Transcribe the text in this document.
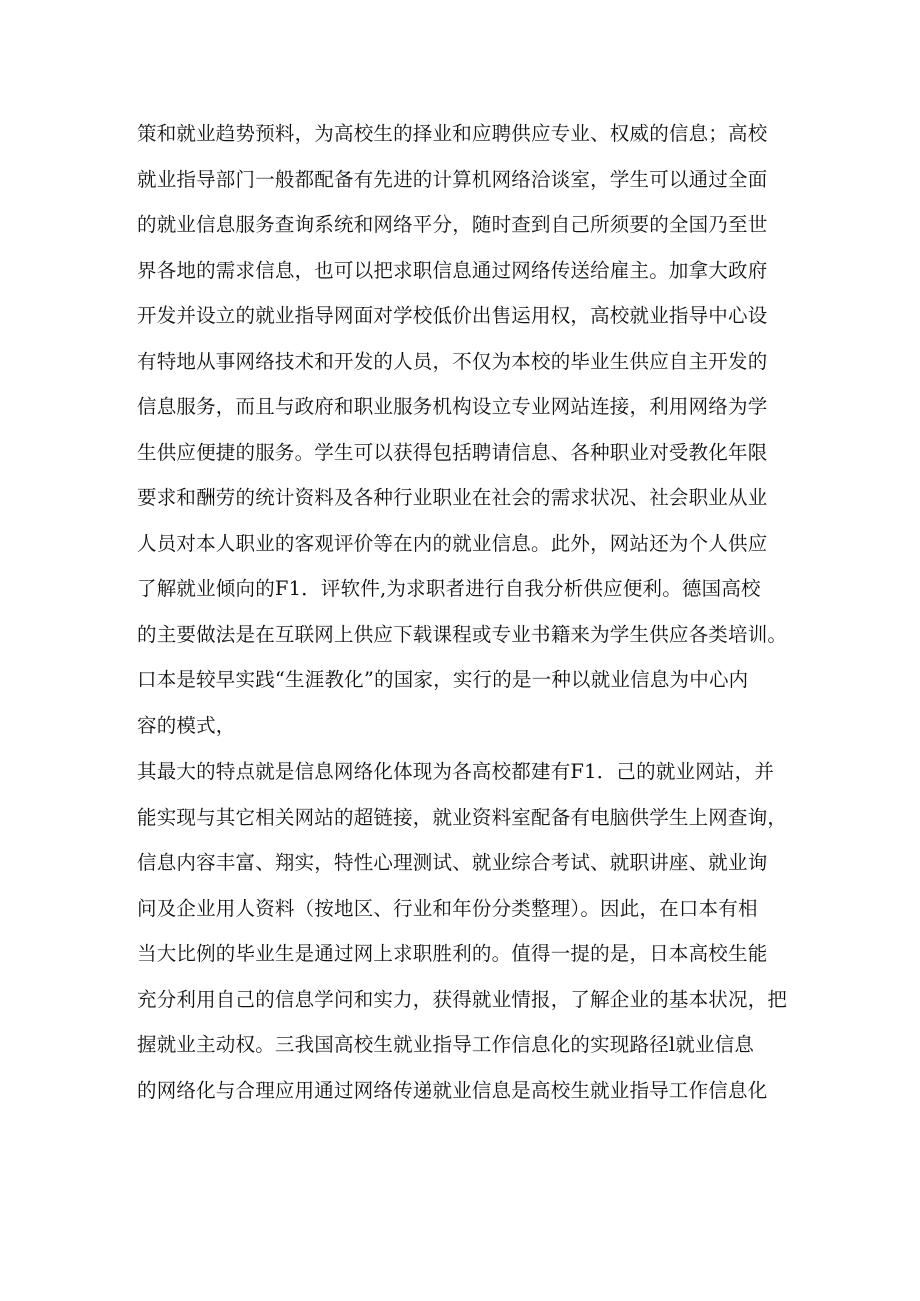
策和就业趋势预料，为高校生的择业和应聘供应专业、权威的信息；高校
就业指导部门一般都配备有先进的计算机网络洽谈室，学生可以通过全面
的就业信息服务查询系统和网络平分，随时查到自己所须要的全国乃至世
界各地的需求信息，也可以把求职信息通过网络传送给雇主。加拿大政府
开发并设立的就业指导网面对学校低价出售运用权，高校就业指导中心设
有特地从事网络技术和开发的人员，不仅为本校的毕业生供应自主开发的
信息服务，而且与政府和职业服务机构设立专业网站连接，利用网络为学
生供应便捷的服务。学生可以获得包括聘请信息、各种职业对受教化年限
要求和酬劳的统计资料及各种行业职业在社会的需求状况、社会职业从业
人员对本人职业的客观评价等在内的就业信息。此外，网站还为个人供应
了解就业倾向的F1．评软件,为求职者进行自我分析供应便利。德国高校
的主要做法是在互联网上供应下载课程或专业书籍来为学生供应各类培训。
口本是较早实践“生涯教化”的国家，实行的是一种以就业信息为中心内
容的模式，
其最大的特点就是信息网络化体现为各高校都建有F1．己的就业网站，并
能实现与其它相关网站的超链接，就业资料室配备有电脑供学生上网查询，
信息内容丰富、翔实，特性心理测试、就业综合考试、就职讲座、就业询
问及企业用人资料（按地区、行业和年份分类整理）。因此，在口本有相
当大比例的毕业生是通过网上求职胜利的。值得一提的是，日本高校生能
充分利用自己的信息学问和实力，获得就业情报，了解企业的基本状况，把
握就业主动权。三我国高校生就业指导工作信息化的实现路径l就业信息
的网络化与合理应用通过网络传递就业信息是高校生就业指导工作信息化
